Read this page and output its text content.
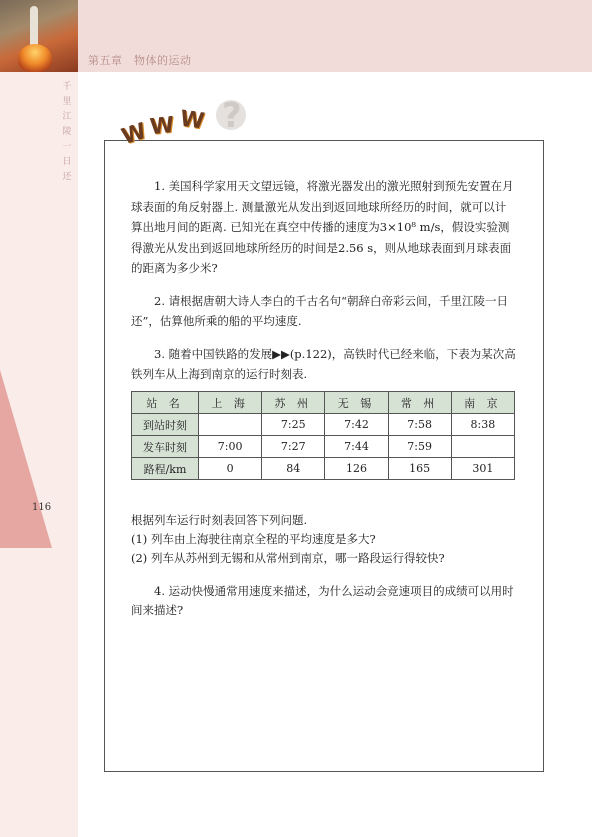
第五章　物体的运动
千
里
江
陵
一
日
还
116
?
W W W

1. 美国科学家用天文望远镜，将激光器发出的激光照射到预先安置在月球表面的角反射器上. 测量激光从发出到返回地球所经历的时间，就可以计算出地月间的距离. 已知光在真空中传播的速度为3×10⁸ m/s，假设实验测得激光从发出到返回地球所经历的时间是2.56 s，则从地球表面到月球表面的距离为多少米?

2. 请根据唐朝大诗人李白的千古名句“朝辞白帝彩云间，千里江陵一日还”，估算他所乘的船的平均速度.

3. 随着中国铁路的发展▶▶(p.122)，高铁时代已经来临，下表为某次高铁列车从上海到南京的运行时刻表.

站 名	上 海	苏 州	无 锡	常 州	南 京
到站时刻		7:25	7:42	7:58	8:38
发车时刻	7:00	7:27	7:44	7:59	
路程/km	0	84	126	165	301

根据列车运行时刻表回答下列问题.

(1) 列车由上海驶往南京全程的平均速度是多大?

(2) 列车从苏州到无锡和从常州到南京，哪一路段运行得较快?

4. 运动快慢通常用速度来描述，为什么运动会竞速项目的成绩可以用时间来描述?
